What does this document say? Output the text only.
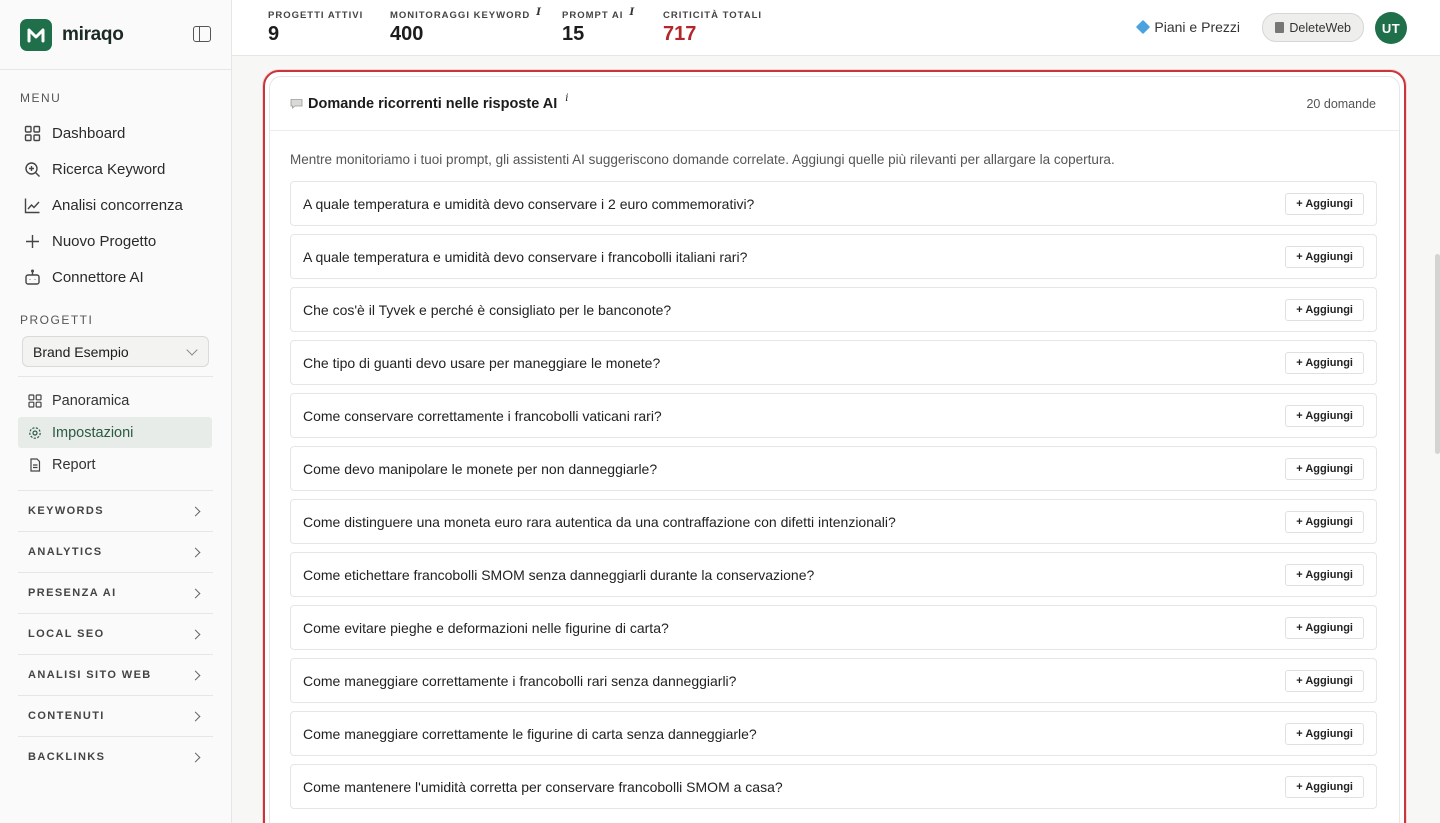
miraqo
MENU
Dashboard
Ricerca Keyword
Analisi concorrenza
Nuovo Progetto
Connettore AI
PROGETTI
Brand Esempio
Panoramica
Impostazioni
Report
KEYWORDS
ANALYTICS
PRESENZA AI
LOCAL SEO
ANALISI SITO WEB
CONTENUTI
BACKLINKS
PROGETTI ATTIVI
9
MONITORAGGI KEYWORD I
400
PROMPT AI I
15
CRITICITÀ TOTALI
717	Piani e Prezzi	DeleteWeb	UT
Domande ricorrenti nelle risposte AI i	20 domande

Mentre monitoriamo i tuoi prompt, gli assistenti AI suggeriscono domande correlate. Aggiungi quelle più rilevanti per allargare la copertura.

A quale temperatura e umidità devo conservare i 2 euro commemorativi?	+ Aggiungi
A quale temperatura e umidità devo conservare i francobolli italiani rari?	+ Aggiungi
Che cos'è il Tyvek e perché è consigliato per le banconote?	+ Aggiungi
Che tipo di guanti devo usare per maneggiare le monete?	+ Aggiungi
Come conservare correttamente i francobolli vaticani rari?	+ Aggiungi
Come devo manipolare le monete per non danneggiarle?	+ Aggiungi
Come distinguere una moneta euro rara autentica da una contraffazione con difetti intenzionali?	+ Aggiungi
Come etichettare francobolli SMOM senza danneggiarli durante la conservazione?	+ Aggiungi
Come evitare pieghe e deformazioni nelle figurine di carta?	+ Aggiungi
Come maneggiare correttamente i francobolli rari senza danneggiarli?	+ Aggiungi
Come maneggiare correttamente le figurine di carta senza danneggiarle?	+ Aggiungi
Come mantenere l'umidità corretta per conservare francobolli SMOM a casa?	+ Aggiungi
